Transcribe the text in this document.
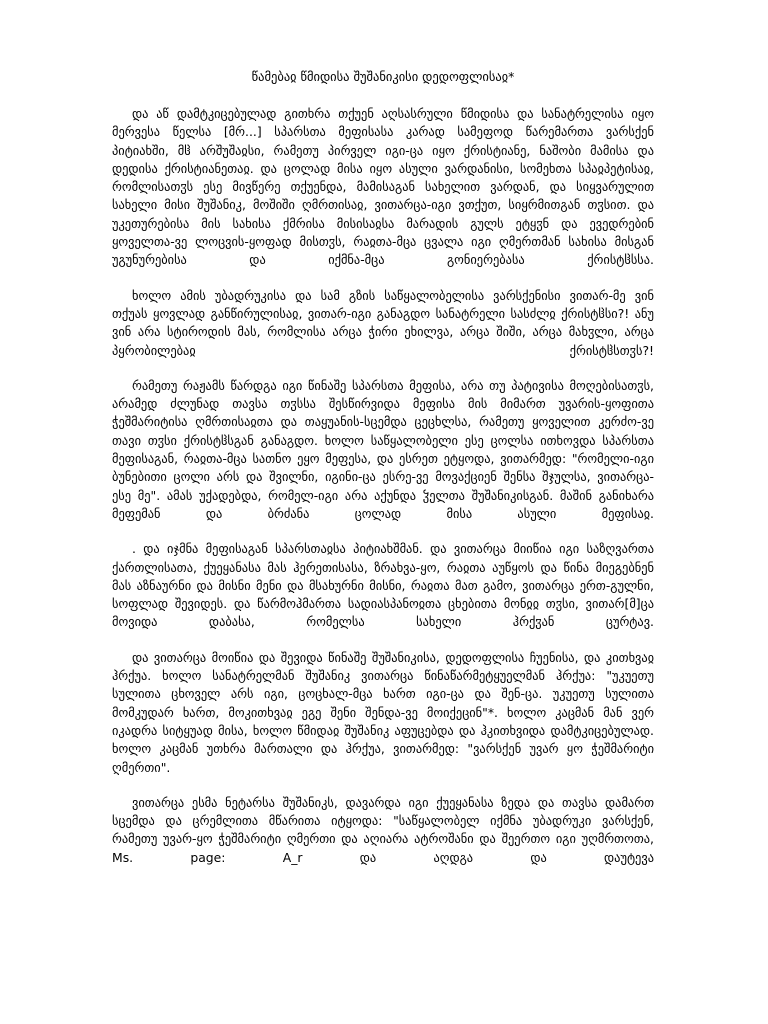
წამებაჲ წმიდისა შუშანიკისი დედოფლისაჲ*

და აწ დამტკიცებულად გითხრა თქუენ აღსასრული წმიდისა და სანატრელისა იყო მერვესა წელსა [მრ...] სპარსთა მეფისასა კარად სამეფოდ წარემართა ვარსქენ პიტიახში, მჱ არშუშაჲსი, რამეთუ პირველ იგი-ცა იყო ქრისტიანე, ნაშობი მამისა და დედისა ქრისტიანეთაჲ. და ცოლად მისა იყო ასული ვარდანისი, სომეხთა სპაჲპეტისაჲ, რომლისათჳს ესე მივწერე თქუენდა, მამისაგან სახელით ვარდან, და სიყვარულით სახელი მისი შუშანიკ, მოშიში ღმრთისაჲ, ვითარცა-იგი ვთქუთ, სიყრმითგან თჳსით. და უკეთურებისა მის სახისა ქმრისა მისისაჲსა მარადის გულს ეტყჳნ და ევედრებინ ყოველთა-ვე ლოცვის-ყოფად მისთჳს, რაჲთა-მცა ცვალა იგი ღმერთმან სახისა მისგან უგუნურებისა და იქმნა-მცა გონიერებასა ქრისტჱსსა.

ხოლო ამის უბადრუკისა და სამ გზის საწყალობელისა ვარსქენისი ვითარ-მე ვინ თქუას ყოვლად განწირულისაჲ, ვითარ-იგი განაგდო სანატრელი სასძლჲ ქრისტჱსი?! ანუ ვინ არა სტიროდის მას, რომლისა არცა ჭირი ეხილვა, არცა შიში, არცა მახჳლი, არცა პყრობილებაჲ ქრისტჱსთჳს?!

რამეთუ რაჟამს წარდგა იგი წინაშე სპარსთა მეფისა, არა თუ პატივისა მოღებისათჳს, არამედ ძლუნად თავსა თჳსსა შესწირვიდა მეფისა მის მიმართ უვარის-ყოფითა ჭეშმარიტისა ღმრთისაჲთა და თაყუანის-სცემდა ცეცხლსა, რამეთუ ყოველით კერძო-ვე თავი თჳსი ქრისტჱსგან განაგდო. ხოლო საწყალობელი ესე ცოლსა ითხოვდა სპარსთა მეფისაგან, რაჲთა-მცა სათნო ეყო მეფესა, და ესრეთ ეტყოდა, ვითარმედ: "რომელი-იგი ბუნებითი ცოლი არს და შვილნი, იგინი-ცა ესრე-ვე მოვაქციენ შენსა შჯულსა, ვითარცა-ესე მე". ამას უქადებდა, რომელ-იგი არა აქუნდა ჴელთა შუშანიკისგან. მაშინ განიხარა მეფემან და ბრძანა ცოლად მისა ასული მეფისაჲ.

. და იჯმნა მეფისაგან სპარსთაჲსა პიტიახშმან. და ვითარცა მიიწია იგი საზღვართა ქართლისათა, ქუეყანასა მას ჰერეთისასა, ზრახვა-ყო, რაჲთა აუწყოს და წინა მიეგებნენ მას აზნაურნი და მისნი მენი და მსახურნი მისნი, რაჲთა მათ გამო, ვითარცა ერთ-გულნი, სოფლად შევიდეს. და წარმოჰმართა სადიასპანოჲთა ცხებითა მონჲჲ თჳსი, ვითარ[მ]ცა მოვიდა დაბასა, რომელსა სახელი ჰრქჳან ცურტავ.

და ვითარცა მოიწია და შევიდა წინაშე შუშანიკისა, დედოფლისა ჩუენისა, და კითხვაჲ ჰრქუა. ხოლო სანატრელმან შუშანიკ ვითარცა წინაწარმეტყუელმან ჰრქუა: "უკუეთუ სულითა ცხოველ არს იგი, ცოცხალ-მცა ხართ იგი-ცა და შენ-ცა. უკუეთუ სულითა მომკუდარ ხართ, მოკითხვაჲ ეგე შენი შენდა-ვე მოიქეცინ"*. ხოლო კაცმან მან ვერ იკადრა სიტყუად მისა, ხოლო წმიდაჲ შუშანიკ აფუცებდა და ჰკითხვიდა დამტკიცებულად. ხოლო კაცმან უთხრა მართალი და ჰრქუა, ვითარმედ: "ვარსქენ უვარ ყო ჭეშმარიტი ღმერთი".

ვითარცა ესმა ნეტარსა შუშანიკს, დავარდა იგი ქუეყანასა ზედა და თავსა დამართ სცემდა და ცრემლითა მწარითა იტყოდა: "საწყალობელ იქმნა უბადრუკი ვარსქენ, რამეთუ უვარ-ყო ჭეშმარიტი ღმერთი და აღიარა ატროშანი და შეერთო იგი უღმრთოთა, Ms. page: A_r და აღდგა და დაუტევა
